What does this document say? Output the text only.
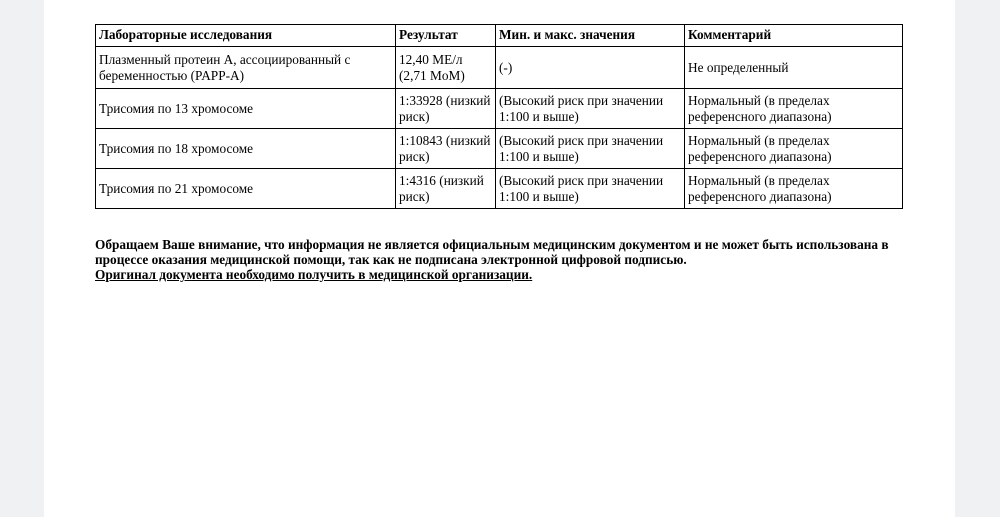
Лабораторные исследования	Результат	Мин. и макс. значения	Комментарий
Плазменный протеин А, ассоциированный с беременностью (PAPP-A)	12,40 МЕ/л (2,71 MoM)	(-)	Не определенный
Трисомия по 13 хромосоме	1:33928 (низкий риск)	(Высокий риск при значении 1:100 и выше)	Нормальный (в пределах референсного диапазона)
Трисомия по 18 хромосоме	1:10843 (низкий риск)	(Высокий риск при значении 1:100 и выше)	Нормальный (в пределах референсного диапазона)
Трисомия по 21 хромосоме	1:4316 (низкий риск)	(Высокий риск при значении 1:100 и выше)	Нормальный (в пределах референсного диапазона)
Обращаем Ваше внимание, что информация не является официальным медицинским документом и не может быть использована в процессе оказания медицинской помощи, так как не подписана электронной цифровой подписью.
Оригинал документа необходимо получить в медицинской организации.
